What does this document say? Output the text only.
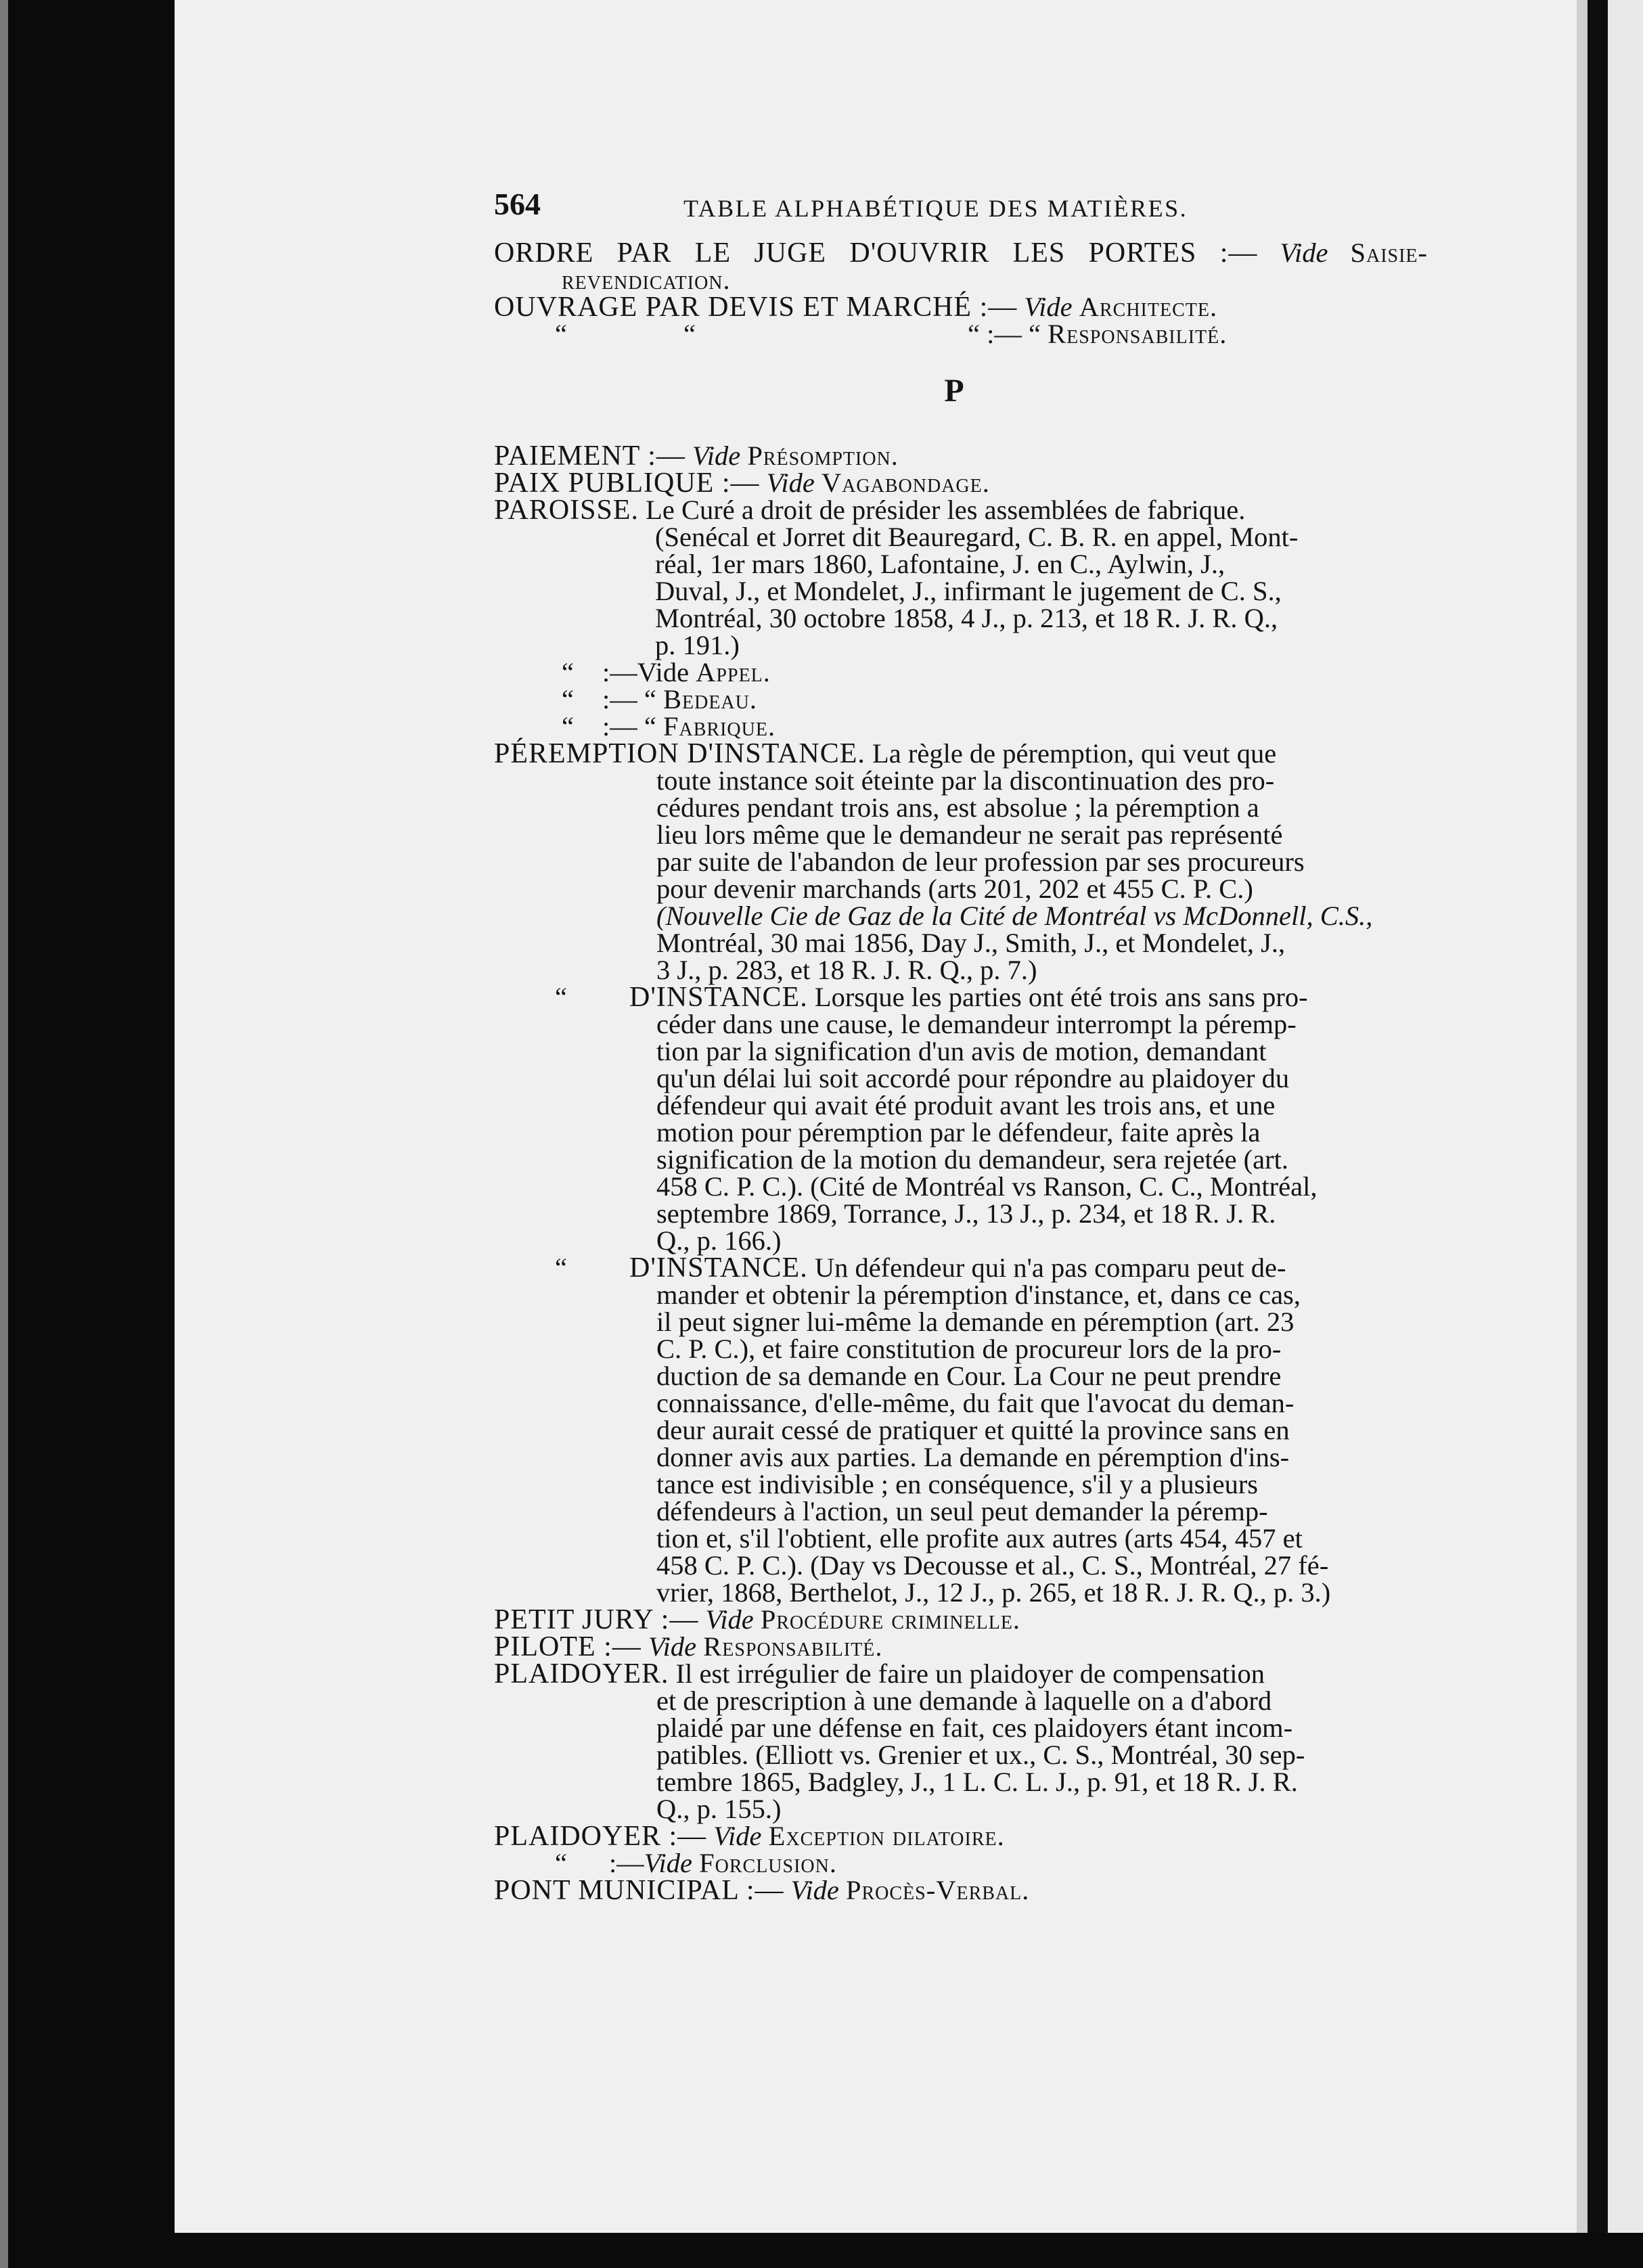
564	TABLE ALPHABÉTIQUE DES MATIÈRES.
ORDRE PAR LE JUGE D'OUVRIR LES PORTES :— Vide Saisie-revendication.
OUVRAGE PAR DEVIS ET MARCHÉ :— Vide Architecte.
“	“	“ :— “ Responsabilité.
P
PAIEMENT :— Vide Présomption.
PAIX PUBLIQUE :— Vide Vagabondage.
PAROISSE. Le Curé a droit de présider les assemblées de fabrique.
(Senécal et Jorret dit Beauregard, C. B. R. en appel, Mont-
réal, 1er mars 1860, Lafontaine, J. en C., Aylwin, J.,
Duval, J., et Mondelet, J., infirmant le jugement de C. S.,
Montréal, 30 octobre 1858, 4 J., p. 213, et 18 R. J. R. Q.,
p. 191.)
“ :—Vide Appel.
“ :— “ Bedeau.
“ :— “ Fabrique.
PÉREMPTION D'INSTANCE. La règle de péremption, qui veut que
toute instance soit éteinte par la discontinuation des pro-
cédures pendant trois ans, est absolue ; la péremption a
lieu lors même que le demandeur ne serait pas représenté
par suite de l'abandon de leur profession par ses procureurs
pour devenir marchands (arts 201, 202 et 455 C. P. C.)
(Nouvelle Cie de Gaz de la Cité de Montréal vs McDonnell, C.S.,
Montréal, 30 mai 1856, Day J., Smith, J., et Mondelet, J.,
3 J., p. 283, et 18 R. J. R. Q., p. 7.)
“ D'INSTANCE. Lorsque les parties ont été trois ans sans pro-
céder dans une cause, le demandeur interrompt la péremp-
tion par la signification d'un avis de motion, demandant
qu'un délai lui soit accordé pour répondre au plaidoyer du
défendeur qui avait été produit avant les trois ans, et une
motion pour péremption par le défendeur, faite après la
signification de la motion du demandeur, sera rejetée (art.
458 C. P. C.). (Cité de Montréal vs Ranson, C. C., Montréal,
septembre 1869, Torrance, J., 13 J., p. 234, et 18 R. J. R.
Q., p. 166.)
“ D'INSTANCE. Un défendeur qui n'a pas comparu peut de-
mander et obtenir la péremption d'instance, et, dans ce cas,
il peut signer lui-même la demande en péremption (art. 23
C. P. C.), et faire constitution de procureur lors de la pro-
duction de sa demande en Cour. La Cour ne peut prendre
connaissance, d'elle-même, du fait que l'avocat du deman-
deur aurait cessé de pratiquer et quitté la province sans en
donner avis aux parties. La demande en péremption d'ins-
tance est indivisible ; en conséquence, s'il y a plusieurs
défendeurs à l'action, un seul peut demander la péremp-
tion et, s'il l'obtient, elle profite aux autres (arts 454, 457 et
458 C. P. C.). (Day vs Decousse et al., C. S., Montréal, 27 fé-
vrier, 1868, Berthelot, J., 12 J., p. 265, et 18 R. J. R. Q., p. 3.)
PETIT JURY :— Vide Procédure criminelle.
PILOTE :— Vide Responsabilité.
PLAIDOYER. Il est irrégulier de faire un plaidoyer de compensation
et de prescription à une demande à laquelle on a d'abord
plaidé par une défense en fait, ces plaidoyers étant incom-
patibles. (Elliott vs. Grenier et ux., C. S., Montréal, 30 sep-
tembre 1865, Badgley, J., 1 L. C. L. J., p. 91, et 18 R. J. R.
Q., p. 155.)
PLAIDOYER :— Vide Exception dilatoire.
“ :—Vide Forclusion.
PONT MUNICIPAL :— Vide Procès-Verbal.
